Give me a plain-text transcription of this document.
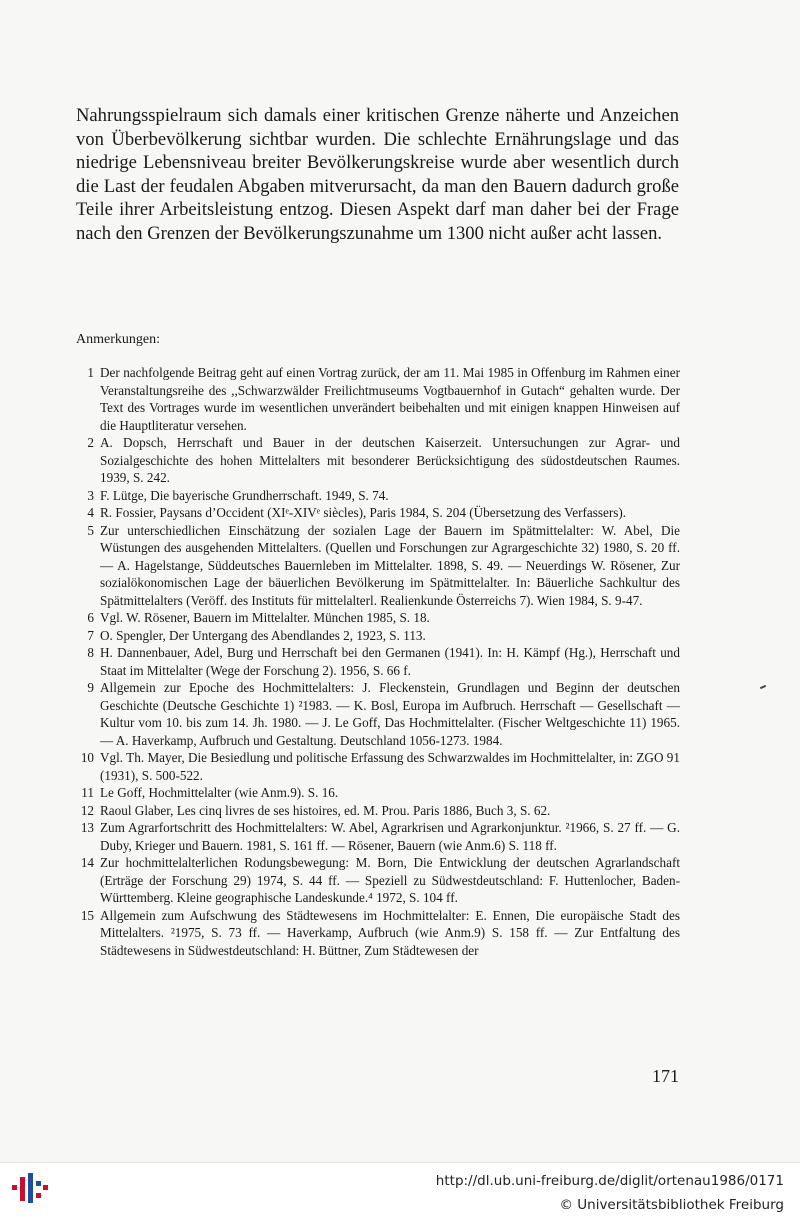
Nahrungsspielraum sich damals einer kritischen Grenze näherte und Anzeichen von Überbevölkerung sichtbar wurden. Die schlechte Ernährungslage und das niedrige Lebensniveau breiter Bevölkerungskreise wurde aber wesentlich durch die Last der feudalen Abgaben mitverursacht, da man den Bauern dadurch große Teile ihrer Arbeitsleistung entzog. Diesen Aspekt darf man daher bei der Frage nach den Grenzen der Bevölkerungszunahme um 1300 nicht außer acht lassen.

Anmerkungen:

1 Der nachfolgende Beitrag geht auf einen Vortrag zurück, der am 11. Mai 1985 in Offenburg im Rahmen einer Veranstaltungsreihe des ,,Schwarzwälder Freilichtmuseums Vogtbauernhof in Gutach“ gehalten wurde. Der Text des Vortrages wurde im wesentlichen unverändert beibehalten und mit einigen knappen Hinweisen auf die Hauptliteratur versehen.
2 A. Dopsch, Herrschaft und Bauer in der deutschen Kaiserzeit. Untersuchungen zur Agrar- und Sozialgeschichte des hohen Mittelalters mit besonderer Berücksichtigung des südostdeutschen Raumes. 1939, S. 242.
3 F. Lütge, Die bayerische Grundherrschaft. 1949, S. 74.
4 R. Fossier, Paysans d’Occident (XIᵉ-XIVᵉ siècles), Paris 1984, S. 204 (Übersetzung des Verfassers).
5 Zur unterschiedlichen Einschätzung der sozialen Lage der Bauern im Spätmittelalter: W. Abel, Die Wüstungen des ausgehenden Mittelalters. (Quellen und Forschungen zur Agrargeschichte 32) 1980, S. 20 ff. — A. Hagelstange, Süddeutsches Bauernleben im Mittelalter. 1898, S. 49. — Neuerdings W. Rösener, Zur sozialökonomischen Lage der bäuerlichen Bevölkerung im Spätmittelalter. In: Bäuerliche Sachkultur des Spätmittelalters (Veröff. des Instituts für mittelalterl. Realienkunde Österreichs 7). Wien 1984, S. 9-47.
6 Vgl. W. Rösener, Bauern im Mittelalter. München 1985, S. 18.
7 O. Spengler, Der Untergang des Abendlandes 2, 1923, S. 113.
8 H. Dannenbauer, Adel, Burg und Herrschaft bei den Germanen (1941). In: H. Kämpf (Hg.), Herrschaft und Staat im Mittelalter (Wege der Forschung 2). 1956, S. 66 f.
9 Allgemein zur Epoche des Hochmittelalters: J. Fleckenstein, Grundlagen und Beginn der deutschen Geschichte (Deutsche Geschichte 1) ²1983. — K. Bosl, Europa im Aufbruch. Herrschaft — Gesellschaft — Kultur vom 10. bis zum 14. Jh. 1980. — J. Le Goff, Das Hochmittelalter. (Fischer Weltgeschichte 11) 1965. — A. Haverkamp, Aufbruch und Gestaltung. Deutschland 1056-1273. 1984.
10 Vgl. Th. Mayer, Die Besiedlung und politische Erfassung des Schwarzwaldes im Hochmittelalter, in: ZGO 91 (1931), S. 500-522.
11 Le Goff, Hochmittelalter (wie Anm.9). S. 16.
12 Raoul Glaber, Les cinq livres de ses histoires, ed. M. Prou. Paris 1886, Buch 3, S. 62.
13 Zum Agrarfortschritt des Hochmittelalters: W. Abel, Agrarkrisen und Agrarkonjunktur. ²1966, S. 27 ff. — G. Duby, Krieger und Bauern. 1981, S. 161 ff. — Rösener, Bauern (wie Anm.6) S. 118 ff.
14 Zur hochmittelalterlichen Rodungsbewegung: M. Born, Die Entwicklung der deutschen Agrarlandschaft (Erträge der Forschung 29) 1974, S. 44 ff. — Speziell zu Südwestdeutschland: F. Huttenlocher, Baden-Württemberg. Kleine geographische Landeskunde.⁴ 1972, S. 104 ff.
15 Allgemein zum Aufschwung des Städtewesens im Hochmittelalter: E. Ennen, Die europäische Stadt des Mittelalters. ²1975, S. 73 ff. — Haverkamp, Aufbruch (wie Anm.9) S. 158 ff. — Zur Entfaltung des Städtewesens in Südwestdeutschland: H. Büttner, Zum Städtewesen der

171

http://dl.ub.uni-freiburg.de/diglit/ortenau1986/0171
© Universitätsbibliothek Freiburg
